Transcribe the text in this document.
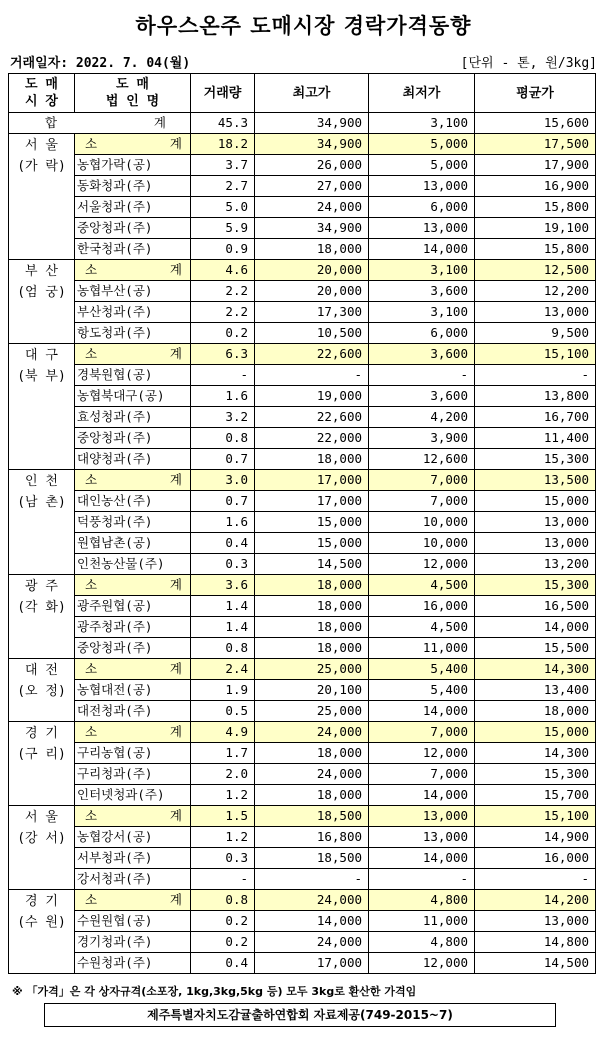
하우스온주 도매시장 경락가격동향
거래일자: 2022. 7. 04(월)	[단위 - 톤, 원/3kg]
도 매
시 장	도 매
법 인 명	거래량	최고가	최저가	평균가

합 계		45.3	34,900	3,100	15,600
서 울
(가 락)	소 계	18.2	34,900	5,000	17,500
	농협가락(공)	3.7	26,000	5,000	17,900
	동화청과(주)	2.7	27,000	13,000	16,900
	서울청과(주)	5.0	24,000	6,000	15,800
	중앙청과(주)	5.9	34,900	13,000	19,100
	한국청과(주)	0.9	18,000	14,000	15,800
부 산
(엄 궁)	소 계	4.6	20,000	3,100	12,500
	농협부산(공)	2.2	20,000	3,600	12,200
	부산청과(주)	2.2	17,300	3,100	13,000
	항도청과(주)	0.2	10,500	6,000	9,500
대 구
(북 부)	소 계	6.3	22,600	3,600	15,100
	경북원협(공)	-	-	-	-
	농협북대구(공)	1.6	19,000	3,600	13,800
	효성청과(주)	3.2	22,600	4,200	16,700
	중앙청과(주)	0.8	22,000	3,900	11,400
	대양청과(주)	0.7	18,000	12,600	15,300
인 천
(남 촌)	소 계	3.0	17,000	7,000	13,500
	대인농산(주)	0.7	17,000	7,000	15,000
	덕풍청과(주)	1.6	15,000	10,000	13,000
	원협남촌(공)	0.4	15,000	10,000	13,000
	인천농산물(주)	0.3	14,500	12,000	13,200
광 주
(각 화)	소 계	3.6	18,000	4,500	15,300
	광주원협(공)	1.4	18,000	16,000	16,500
	광주청과(주)	1.4	18,000	4,500	14,000
	중앙청과(주)	0.8	18,000	11,000	15,500
대 전
(오 정)	소 계	2.4	25,000	5,400	14,300
	농협대전(공)	1.9	20,100	5,400	13,400
	대전청과(주)	0.5	25,000	14,000	18,000
경 기
(구 리)	소 계	4.9	24,000	7,000	15,000
	구리농협(공)	1.7	18,000	12,000	14,300
	구리청과(주)	2.0	24,000	7,000	15,300
	인터넷청과(주)	1.2	18,000	14,000	15,700
서 울
(강 서)	소 계	1.5	18,500	13,000	15,100
	농협강서(공)	1.2	16,800	13,000	14,900
	서부청과(주)	0.3	18,500	14,000	16,000
	강서청과(주)	-	-	-	-
경 기
(수 원)	소 계	0.8	24,000	4,800	14,200
	수원원협(공)	0.2	14,000	11,000	13,000
	경기청과(주)	0.2	24,000	4,800	14,800
	수원청과(주)	0.4	17,000	12,000	14,500
※ 「가격」은 각 상자규격(소포장, 1kg,3kg,5kg 등) 모두 3kg로 환산한 가격임
제주특별자치도감귤출하연합회 자료제공(749-2015~7)
